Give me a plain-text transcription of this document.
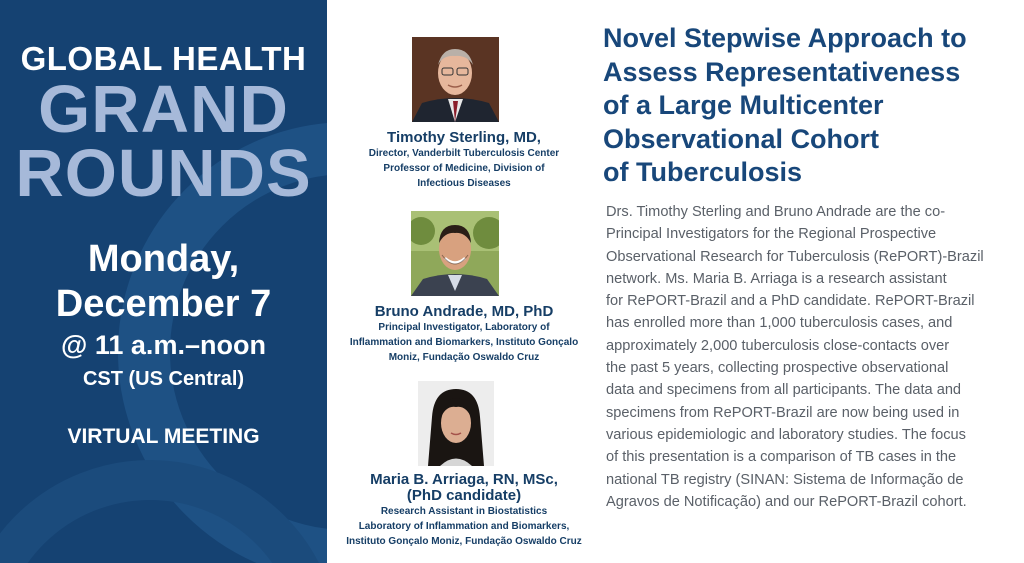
GLOBAL HEALTH
GRAND
ROUNDS
Monday,
December 7
@ 11 a.m.–noon
CST (US Central)
VIRTUAL MEETING
Timothy Sterling, MD,
Director, Vanderbilt Tuberculosis Center
Professor of Medicine, Division of
Infectious Diseases
Bruno Andrade, MD, PhD
Principal Investigator, Laboratory of
Inflammation and Biomarkers, Instituto Gonçalo
Moniz, Fundação Oswaldo Cruz
Maria B. Arriaga, RN, MSc,
(PhD candidate)
Research Assistant in Biostatistics
Laboratory of Inflammation and Biomarkers,
Instituto Gonçalo Moniz, Fundação Oswaldo Cruz
Novel Stepwise Approach to
Assess Representativeness
of a Large Multicenter
Observational Cohort
of Tuberculosis
Drs. Timothy Sterling and Bruno Andrade are the co-
Principal Investigators for the Regional Prospective
Observational Research for Tuberculosis (RePORT)-Brazil
network. Ms. Maria B. Arriaga is a research assistant
for RePORT-Brazil and a PhD candidate. RePORT-Brazil
has enrolled more than 1,000 tuberculosis cases, and
approximately 2,000 tuberculosis close-contacts over
the past 5 years, collecting prospective observational
data and specimens from all participants. The data and
specimens from RePORT-Brazil are now being used in
various epidemiologic and laboratory studies. The focus
of this presentation is a comparison of TB cases in the
national TB registry (SINAN: Sistema de Informação de
Agravos de Notificação) and our RePORT-Brazil cohort.
